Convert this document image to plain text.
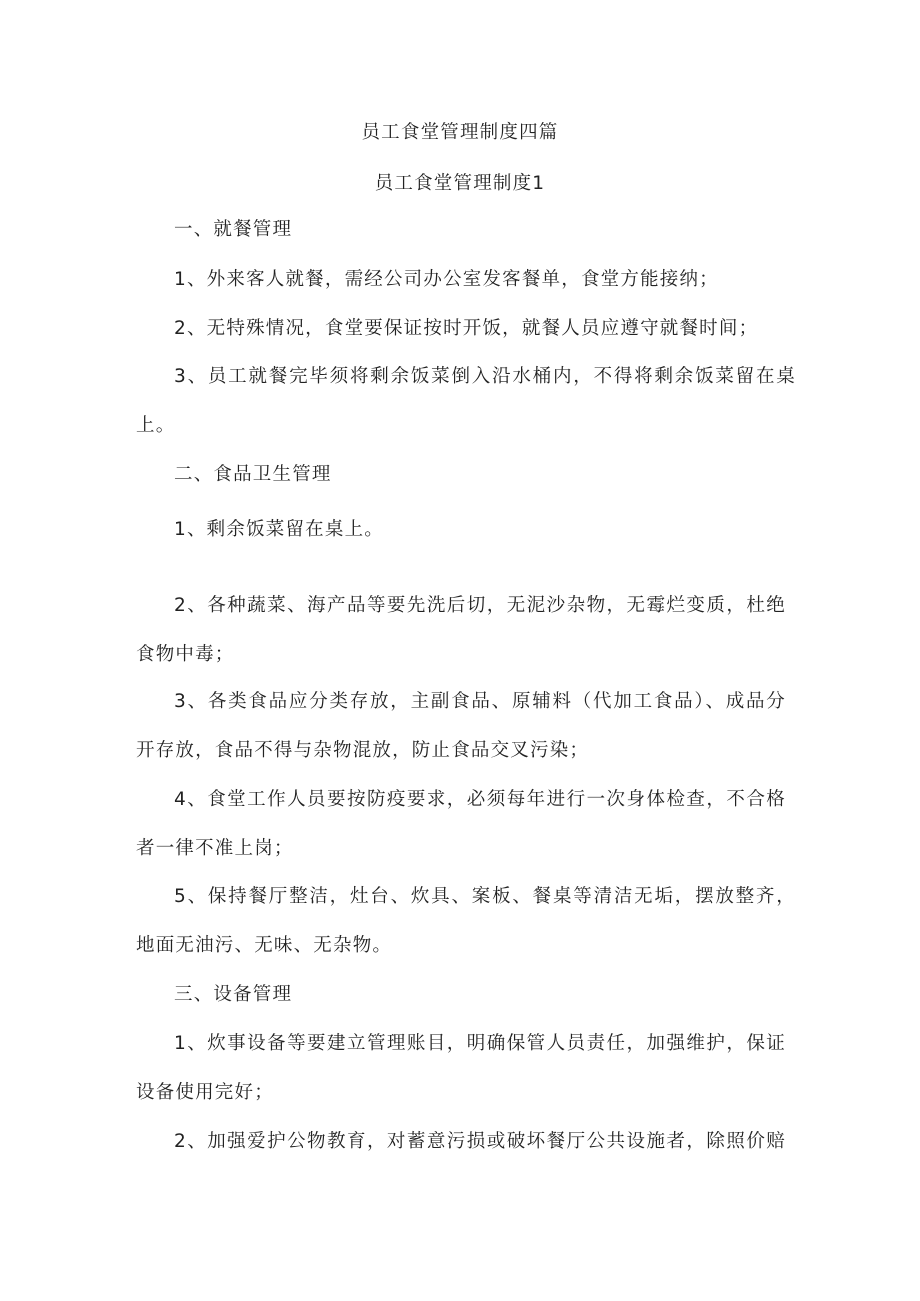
员工食堂管理制度四篇
员工食堂管理制度1
一、就餐管理
1、外来客人就餐，需经公司办公室发客餐单，食堂方能接纳；
2、无特殊情况，食堂要保证按时开饭，就餐人员应遵守就餐时间；
3、员工就餐完毕须将剩余饭菜倒入沿水桶内，不得将剩余饭菜留在桌
上。
二、食品卫生管理
1、剩余饭菜留在桌上。
2、各种蔬菜、海产品等要先洗后切，无泥沙杂物，无霉烂变质，杜绝
食物中毒；
3、各类食品应分类存放，主副食品、原辅料（代加工食品）、成品分
开存放，食品不得与杂物混放，防止食品交叉污染；
4、食堂工作人员要按防疫要求，必须每年进行一次身体检查，不合格
者一律不准上岗；
5、保持餐厅整洁，灶台、炊具、案板、餐桌等清洁无垢，摆放整齐，
地面无油污、无味、无杂物。
三、设备管理
1、炊事设备等要建立管理账目，明确保管人员责任，加强维护，保证
设备使用完好；
2、加强爱护公物教育，对蓄意污损或破坏餐厅公共设施者，除照价赔
